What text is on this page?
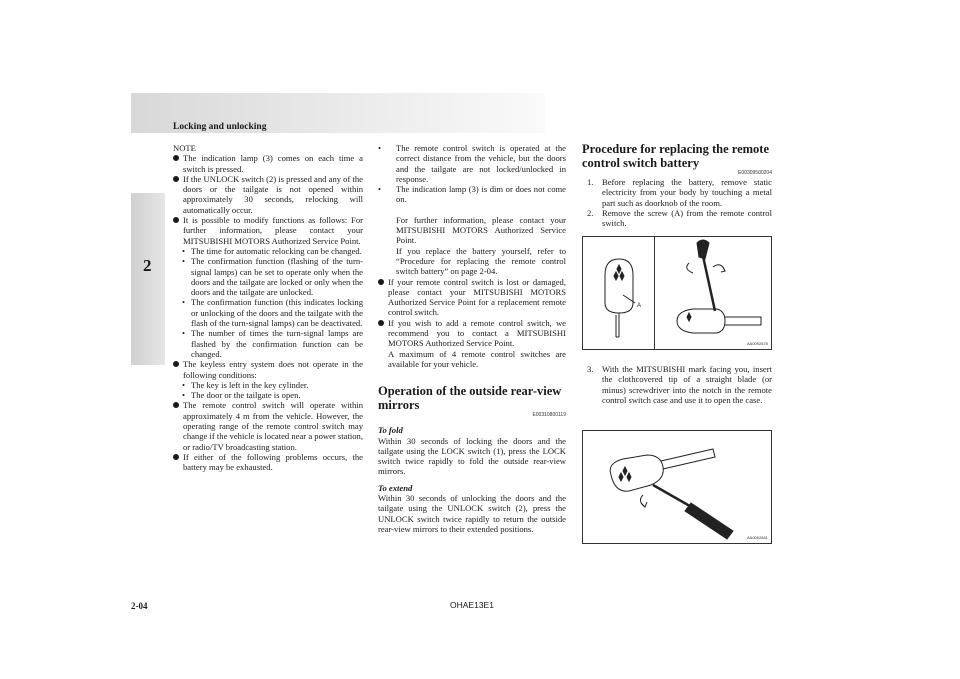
Locking and unlocking
2

NOTE

The indication lamp (3) comes on each time a switch is pressed.
If the UNLOCK switch (2) is pressed and any of the doors or the tailgate is not opened within approximately 30 seconds, relocking will automatically occur.
It is possible to modify functions as follows: For further information, please contact your MITSUBISHI MOTORS Authorized Service Point.
• The time for automatic relocking can be changed.
• The confirmation function (flashing of the turn-signal lamps) can be set to operate only when the doors and the tailgate are locked or only when the doors and the tailgate are unlocked.
• The confirmation function (this indicates locking or unlocking of the doors and the tailgate with the flash of the turn-signal lamps) can be deactivated.
• The number of times the turn-signal lamps are flashed by the confirmation function can be changed.
The keyless entry system does not operate in the following conditions:
• The key is left in the key cylinder.
• The door or the tailgate is open.
The remote control switch will operate within approximately 4 m from the vehicle. However, the operating range of the remote control switch may change if the vehicle is located near a power station, or radio/TV broadcasting station.
If either of the following problems occurs, the battery may be exhausted.
• The remote control switch is operated at the correct distance from the vehicle, but the doors and the tailgate are not locked/unlocked in response.
• The indication lamp (3) is dim or does not come on.

For further information, please contact your MITSUBISHI MOTORS Authorized Service Point.

If you replace the battery yourself, refer to “Procedure for replacing the remote control switch battery” on page 2-04.

If your remote control switch is lost or damaged, please contact your MITSUBISHI MOTORS Authorized Service Point for a replacement remote control switch.
If you wish to add a remote control switch, we recommend you to contact a MITSUBISHI MOTORS Authorized Service Point.

A maximum of 4 remote control switches are available for your vehicle.

Operation of the outside rear-view mirrors
E00310800119

To fold

Within 30 seconds of locking the doors and the tailgate using the LOCK switch (1), press the LOCK switch twice rapidly to fold the outside rear-view mirrors.

To extend

Within 30 seconds of unlocking the doors and the tailgate using the UNLOCK switch (2), press the UNLOCK switch twice rapidly to return the outside rear-view mirrors to their extended positions.

Procedure for replacing the remote control switch battery
E00309500204
1. Before replacing the battery, remove static electricity from your body by touching a metal part such as doorknob of the room.
2. Remove the screw (A) from the remote control switch.
3. With the MITSUBISHI mark facing you, insert the clothcovered tip of a straight blade (or minus) screwdriver into the notch in the remote control switch case and use it to open the case.
A
AA0092878
AA0092881
2-04	OHAE13E1
